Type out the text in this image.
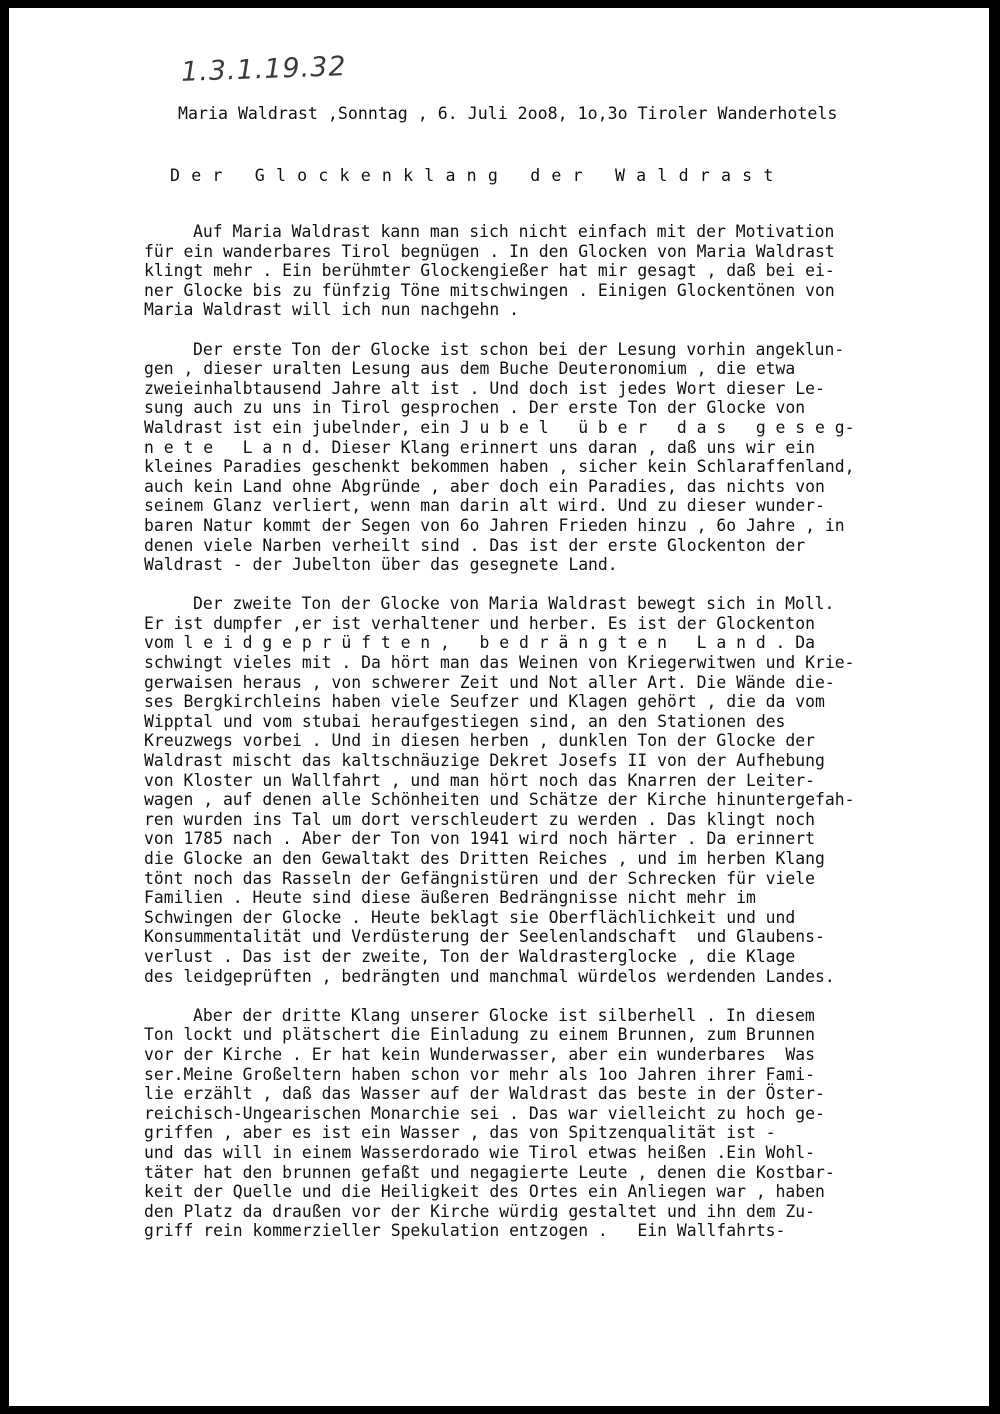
1.3.1.19.32
Maria Waldrast ,Sonntag , 6. Juli 2oo8, 1o,3o Tiroler Wanderhotels
Der Glockenklang der Waldrast
Auf Maria Waldrast kann man sich nicht einfach mit der Motivation
für ein wanderbares Tirol begnügen . In den Glocken von Maria Waldrast
klingt mehr . Ein berühmter Glockengießer hat mir gesagt , daß bei ei-
ner Glocke bis zu fünfzig Töne mitschwingen . Einigen Glockentönen von
Maria Waldrast will ich nun nachgehn .
Der erste Ton der Glocke ist schon bei der Lesung vorhin angeklun-
gen , dieser uralten Lesung aus dem Buche Deuteronomium , die etwa
zweieinhalbtausend Jahre alt ist . Und doch ist jedes Wort dieser Le-
sung auch zu uns in Tirol gesprochen . Der erste Ton der Glocke von
Waldrast ist ein jubelnder, ein J u b e l   ü b e r   d a s   g e s e g-
n e t e   L a n d. Dieser Klang erinnert uns daran , daß uns wir ein
kleines Paradies geschenkt bekommen haben , sicher kein Schlaraffenland,
auch kein Land ohne Abgründe , aber doch ein Paradies, das nichts von
seinem Glanz verliert, wenn man darin alt wird. Und zu dieser wunder-
baren Natur kommt der Segen von 6o Jahren Frieden hinzu , 6o Jahre , in
denen viele Narben verheilt sind . Das ist der erste Glockenton der
Waldrast - der Jubelton über das gesegnete Land.
Der zweite Ton der Glocke von Maria Waldrast bewegt sich in Moll.
Er ist dumpfer ,er ist verhaltener und herber. Es ist der Glockenton
vom l e i d g e p r ü f t e n ,   b e d r ä n g t e n   L a n d . Da
schwingt vieles mit . Da hört man das Weinen von Kriegerwitwen und Krie-
gerwaisen heraus , von schwerer Zeit und Not aller Art. Die Wände die-
ses Bergkirchleins haben viele Seufzer und Klagen gehört , die da vom
Wipptal und vom stubai heraufgestiegen sind, an den Stationen des
Kreuzwegs vorbei . Und in diesen herben , dunklen Ton der Glocke der
Waldrast mischt das kaltschnäuzige Dekret Josefs II von der Aufhebung
von Kloster un Wallfahrt , und man hört noch das Knarren der Leiter-
wagen , auf denen alle Schönheiten und Schätze der Kirche hinuntergefah-
ren wurden ins Tal um dort verschleudert zu werden . Das klingt noch
von 1785 nach . Aber der Ton von 1941 wird noch härter . Da erinnert
die Glocke an den Gewaltakt des Dritten Reiches , und im herben Klang
tönt noch das Rasseln der Gefängnistüren und der Schrecken für viele
Familien . Heute sind diese äußeren Bedrängnisse nicht mehr im
Schwingen der Glocke . Heute beklagt sie Oberflächlichkeit und und
Konsummentalität und Verdüsterung der Seelenlandschaft  und Glaubens-
verlust . Das ist der zweite, Ton der Waldrasterglocke , die Klage
des leidgeprüften , bedrängten und manchmal würdelos werdenden Landes.
Aber der dritte Klang unserer Glocke ist silberhell . In diesem
Ton lockt und plätschert die Einladung zu einem Brunnen, zum Brunnen
vor der Kirche . Er hat kein Wunderwasser, aber ein wunderbares  Was
ser.Meine Großeltern haben schon vor mehr als 1oo Jahren ihrer Fami-
lie erzählt , daß das Wasser auf der Waldrast das beste in der Öster-
reichisch-Ungearischen Monarchie sei . Das war vielleicht zu hoch ge-
griffen , aber es ist ein Wasser , das von Spitzenqualität ist -
und das will in einem Wasserdorado wie Tirol etwas heißen .Ein Wohl-
täter hat den brunnen gefaßt und negagierte Leute , denen die Kostbar-
keit der Quelle und die Heiligkeit des Ortes ein Anliegen war , haben
den Platz da draußen vor der Kirche würdig gestaltet und ihn dem Zu-
griff rein kommerzieller Spekulation entzogen .   Ein Wallfahrts-
